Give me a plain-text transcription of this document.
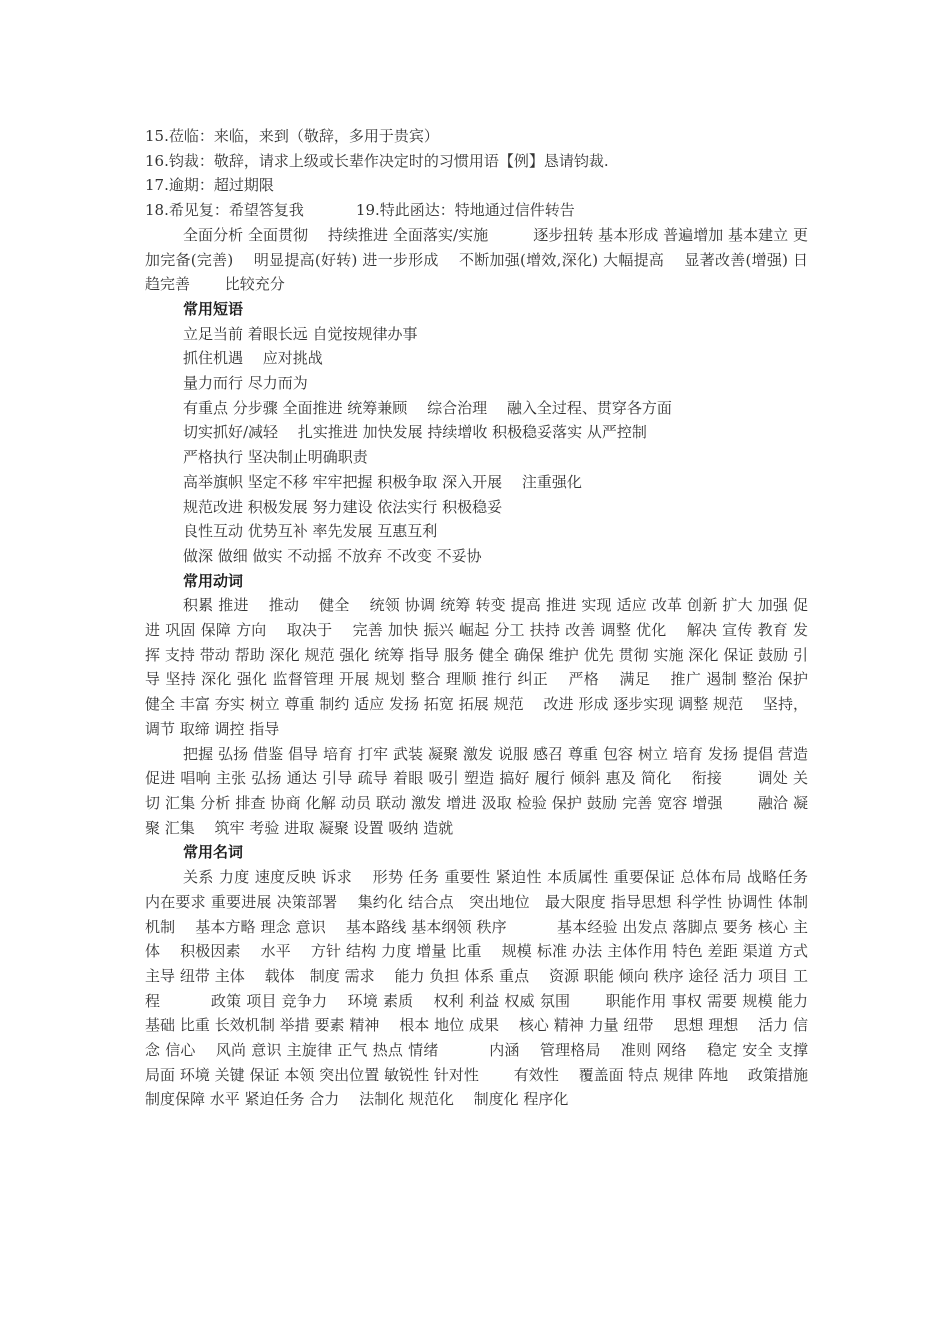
15.莅临：来临，来到（敬辞，多用于贵宾）
16.钧裁：敬辞，请求上级或长辈作决定时的习惯用语【例】恳请钧裁.
17.逾期：超过期限
18.希见复：希望答复我	19.特此函达：特地通过信件转告

全面分析 全面贯彻　 持续推进 全面落实/实施　　　逐步扭转 基本形成 普遍增加 基本建立 更加完备(完善)　 明显提高(好转) 进一步形成　 不断加强(增效,深化) 大幅提高　 显著改善(增强) 日趋完善　　 比较充分

常用短语
立足当前 着眼长远 自觉按规律办事
抓住机遇　 应对挑战
量力而行 尽力而为
有重点 分步骤 全面推进 统筹兼顾　 综合治理　 融入全过程、贯穿各方面
切实抓好/减轻　 扎实推进 加快发展 持续增收 积极稳妥落实 从严控制
严格执行 坚决制止明确职责
高举旗帜 坚定不移 牢牢把握 积极争取 深入开展　 注重强化
规范改进 积极发展 努力建设 依法实行 积极稳妥
良性互动 优势互补 率先发展 互惠互利
做深 做细 做实 不动摇 不放弃 不改变 不妥协
常用动词

积累 推进　 推动　 健全　 统领 协调 统筹 转变 提高 推进 实现 适应 改革 创新 扩大 加强 促进 巩固 保障 方向　 取决于　 完善 加快 振兴 崛起 分工 扶持 改善 调整 优化　 解决 宣传 教育 发挥 支持 带动 帮助 深化 规范 强化 统筹 指导 服务 健全 确保 维护 优先 贯彻 实施 深化 保证 鼓励 引导 坚持 深化 强化 监督管理 开展 规划 整合 理顺 推行 纠正　 严格　 满足　 推广 遏制 整治 保护　 健全 丰富 夯实 树立 尊重 制约 适应 发扬 拓宽 拓展 规范　 改进 形成 逐步实现 调整 规范　 坚持，调节 取缔 调控 指导

把握 弘扬 借鉴 倡导 培育 打牢 武装 凝聚 激发 说服 感召 尊重 包容 树立 培育 发扬 提倡 营造 促进 唱响 主张 弘扬 通达 引导 疏导 着眼 吸引 塑造 搞好 履行 倾斜 惠及 简化　 衔接　　 调处 关切 汇集 分析 排查 协商 化解 动员 联动 激发 增进 汲取 检验 保护 鼓励 完善 宽容 增强　　 融洽 凝聚 汇集　 筑牢 考验 进取 凝聚 设置 吸纳 造就

常用名词

关系 力度 速度反映 诉求　 形势 任务 重要性 紧迫性 本质属性 重要保证 总体布局 战略任务 内在要求 重要进展 决策部署　 集约化 结合点　突出地位　最大限度 指导思想 科学性 协调性 体制　 机制　 基本方略 理念 意识　 基本路线 基本纲领 秩序　　　 基本经验 出发点 落脚点 要务 核心 主体　 积极因素　 水平　 方针 结构 力度 增量 比重　 规模 标准 办法 主体作用 特色 差距 渠道 方式　　 主导 纽带 主体　 载体　制度 需求　 能力 负担 体系 重点　 资源 职能 倾向 秩序 途径 活力 项目 工程　　　 政策 项目 竞争力　 环境 素质　 权利 利益 权威 氛围　　 职能作用 事权 需要 规模 能力　 基础 比重 长效机制 举措 要素 精神　 根本 地位 成果　 核心 精神 力量 纽带　 思想 理想　 活力 信念 信心　 风尚 意识 主旋律 正气 热点 情绪　　　 内涵　 管理格局　 准则 网络　 稳定 安全 支撑　 局面 环境 关键 保证 本领 突出位置 敏锐性 针对性　　 有效性　 覆盖面 特点 规律 阵地　 政策措施 制度保障 水平 紧迫任务 合力　 法制化 规范化　 制度化 程序化
